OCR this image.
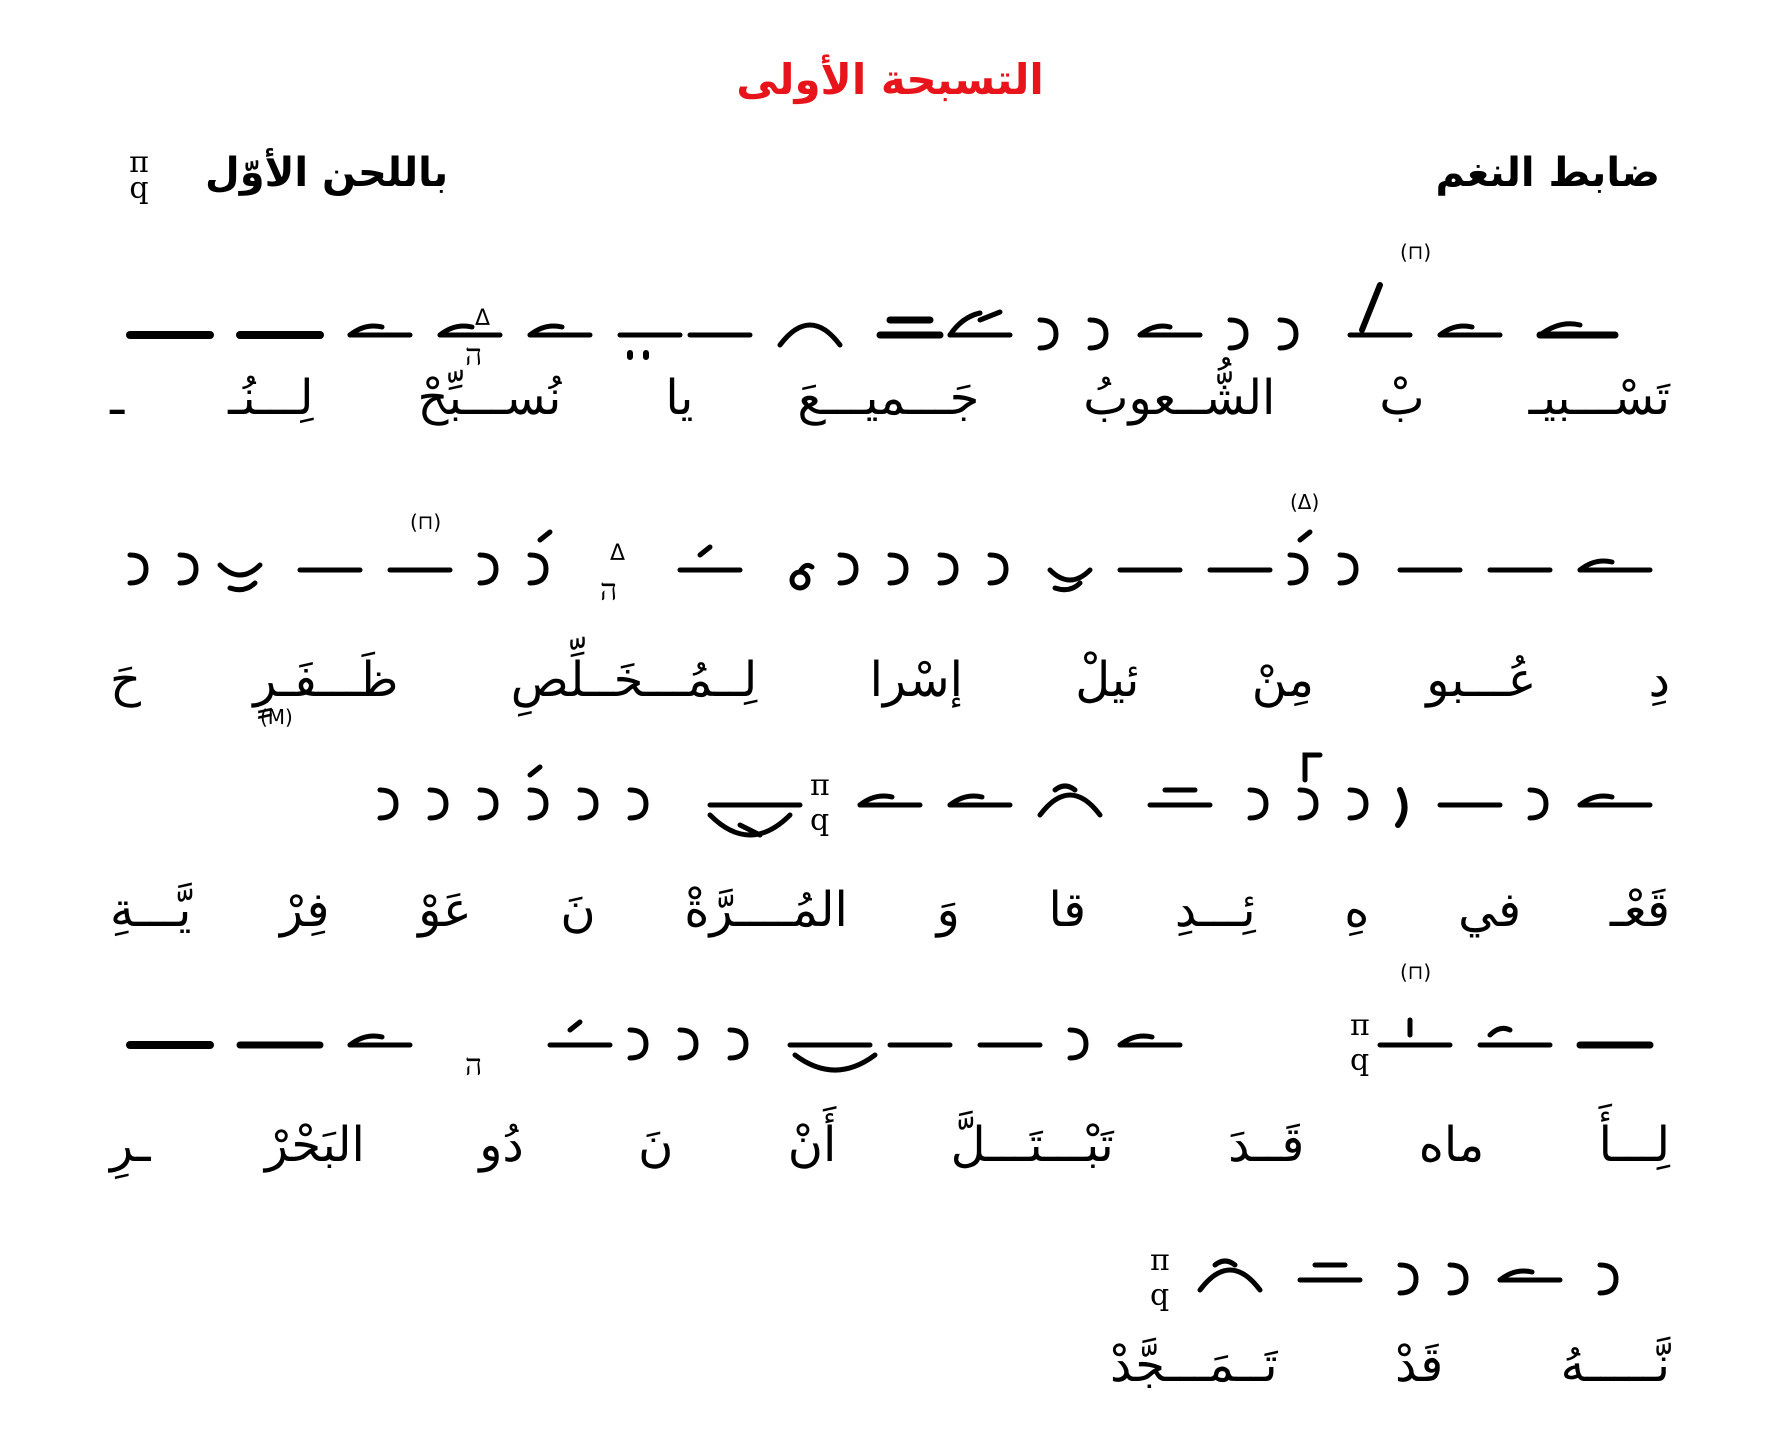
التسبحة الأولى
ضابط النغم
باللحن الأوّل
π
q
Δ
ה
(⊓)
تَسْـــبيـ
بْ
الشُّــعوبُ
جَـــميـــعَ
يا
نُســـبِّحْ
لِـــنُـ
ـ
Δ
ה
(Δ)
(⊓)
دِ
عُـــبو
مِنْ
ئيلْ
إسْرا
لِــمُـــخَــلِّصِ
ظَـــفَـرٍ
حَ
π
q
(M)
قَعْـ
في
هِ
ئِـــدِ
قا
وَ
المُــــرَّةْ
نَ
عَوْ
فِرْ
يَّـــةِ
π
q
ה
(⊓)
لِـــأَ
ماه
قَــدَ
تَبْـــتَـــلَّ
أَنْ
نَ
دُو
البَحْرْ
ـرِ
π
q
نَّـــــهُ
قَدْ
تَــمَـــجَّدْ
